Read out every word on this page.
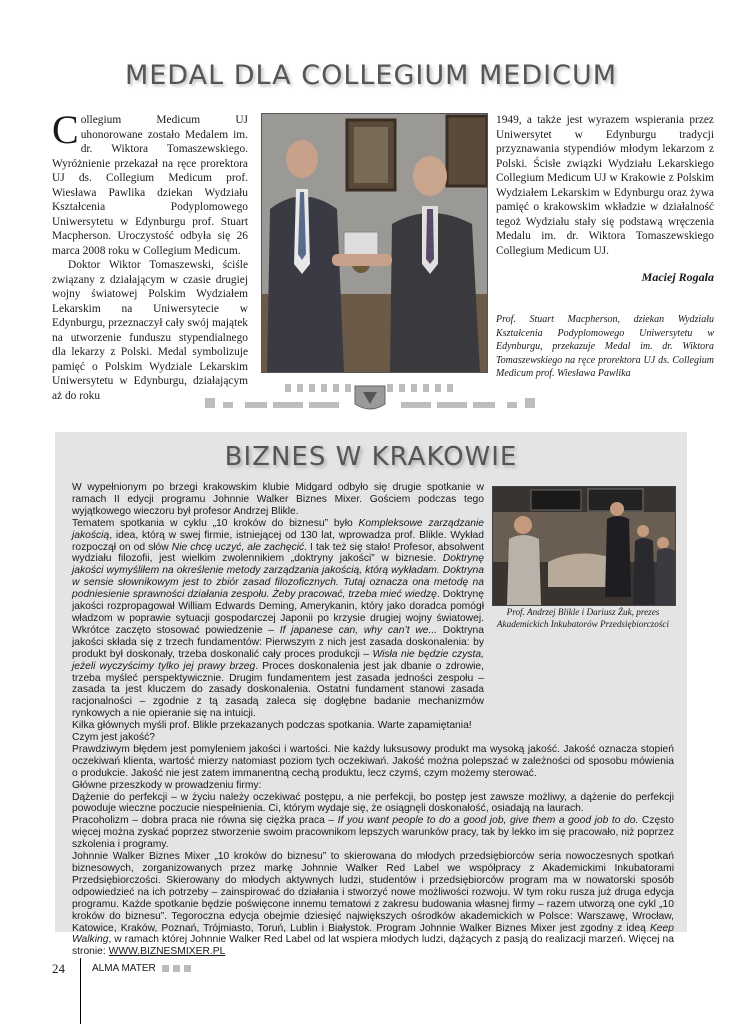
MEDAL DLA COLLEGIUM MEDICUM

Collegium Medicum UJ uhonorowane zostało Medalem im. dr. Wiktora Tomaszewskiego. Wyróżnienie przekazał na ręce prorektora UJ ds. Collegium Medicum prof. Wiesława Pawlika dziekan Wydziału Kształcenia Podyplomowego Uniwersytetu w Edynburgu prof. Stuart Macpherson. Uroczystość odbyła się 26 marca 2008 roku w Collegium Medicum.

Doktor Wiktor Tomaszewski, ściśle związany z działającym w czasie drugiej wojny światowej Polskim Wydziałem Lekarskim na Uniwersytecie w Edynburgu, przeznaczył cały swój majątek na utworzenie funduszu stypendialnego dla lekarzy z Polski. Medal symbolizuje pamięć o Polskim Wydziale Lekarskim Uniwersytetu w Edynburgu, działającym aż do roku

1949, a także jest wyrazem wspierania przez Uniwersytet w Edynburgu tradycji przyznawania stypendiów młodym lekarzom z Polski. Ścisłe związki Wydziału Lekarskiego Collegium Medicum UJ w Krakowie z Polskim Wydziałem Lekarskim w Edynburgu oraz żywa pamięć o krakowskim wkładzie w działalność tegoż Wydziału stały się podstawą wręczenia Medalu im. dr. Wiktora Tomaszewskiego Collegium Medicum UJ.

Maciej Rogala
Prof. Stuart Macpherson, dziekan Wydziału Kształcenia Podyplomowego Uniwersytetu w Edynburgu, przekazuje Medal im. dr. Wiktora Tomaszewskiego na ręce prorektora UJ ds. Collegium Medicum prof. Wiesława Pawlika
BIZNES W KRAKOWIE
Prof. Andrzej Blikle i Dariusz Żuk, prezes Akademickich Inkubatorów Przedsiębiorczości

W wypełnionym po brzegi krakowskim klubie Midgard odbyło się drugie spotkanie w ramach II edycji programu Johnnie Walker Biznes Mixer. Gościem podczas tego wyjątkowego wieczoru był profesor Andrzej Blikle.

Tematem spotkania w cyklu „10 kroków do biznesu” było Kompleksowe zarządzanie jakością, idea, którą w swej firmie, istniejącej od 130 lat, wprowadza prof. Blikle. Wykład rozpoczął on od słów Nie chcę uczyć, ale zachęcić. I tak też się stało! Profesor, absolwent wydziału filozofii, jest wielkim zwolennikiem „doktryny jakości” w biznesie. Doktrynę jakości wymyśliłem na określenie metody zarządzania jakością, którą wykładam. Doktryna w sensie słownikowym jest to zbiór zasad filozoficznych. Tutaj oznacza ona metodę na podniesienie sprawności działania zespołu. Żeby pracować, trzeba mieć wiedzę. Doktrynę jakości rozpropagował William Edwards Deming, Amerykanin, który jako doradca pomógł władzom w poprawie sytuacji gospodarczej Japonii po krzysie drugiej wojny światowej. Wkrótce zaczęto stosować powiedzenie – If japanese can, why can’t we... Doktryna jakości składa się z trzech fundamentów: Pierwszym z nich jest zasada doskonalenia: by produkt był doskonały, trzeba doskonalić cały proces produkcji – Wisła nie będzie czysta, jeżeli wyczyścimy tylko jej prawy brzeg. Proces doskonalenia jest jak dbanie o zdrowie, trzeba myśleć perspektywicznie. Drugim fundamentem jest zasada jedności zespołu – zasada ta jest kluczem do zasady doskonalenia. Ostatni fundament stanowi zasada racjonalności – zgodnie z tą zasadą zaleca się dogłębne badanie mechanizmów rynkowych a nie opieranie się na intuicji.

Kilka głównych myśli prof. Blikle przekazanych podczas spotkania. Warte zapamiętania!

Czym jest jakość?

Prawdziwym błędem jest pomyleniem jakości i wartości. Nie każdy luksusowy produkt ma wysoką jakość. Jakość oznacza stopień oczekiwań klienta, wartość mierzy natomiast poziom tych oczekiwań. Jakość można polepszać w zależności od sposobu mówienia o produkcie. Jakość nie jest zatem immanentną cechą produktu, lecz czymś, czym możemy sterować.

Główne przeszkody w prowadzeniu firmy:

Dążenie do perfekcji – w życiu należy oczekiwać postępu, a nie perfekcji, bo postęp jest zawsze możliwy, a dążenie do perfekcji powoduje wieczne poczucie niespełnienia. Ci, którym wydaje się, że osiągnęli doskonałość, osiadają na laurach.

Pracoholizm – dobra praca nie równa się ciężka praca – If you want people to do a good job, give them a good job to do. Często więcej można zyskać poprzez stworzenie swoim pracownikom lepszych warunków pracy, tak by lekko im się pracowało, niż poprzez szkolenia i programy.

Johnnie Walker Biznes Mixer „10 kroków do biznesu” to skierowana do młodych przedsiębiorców seria nowoczesnych spotkań biznesowych, zorganizowanych przez markę Johnnie Walker Red Label we współpracy z Akademickimi Inkubatorami Przedsiębiorczości. Skierowany do młodych aktywnych ludzi, studentów i przedsiębiorców program ma w nowatorski sposób odpowiedzieć na ich potrzeby – zainspirować do działania i stworzyć nowe możliwości rozwoju. W tym roku rusza już druga edycja programu. Każde spotkanie będzie poświęcone innemu tematowi z zakresu budowania własnej firmy – razem utworzą one cykl „10 kroków do biznesu”. Tegoroczna edycja obejmie dziesięć największych ośrodków akademickich w Polsce: Warszawę, Wrocław, Katowice, Kraków, Poznań, Trójmiasto, Toruń, Lublin i Białystok. Program Johnnie Walker Biznes Mixer jest zgodny z ideą Keep Walking, w ramach której Johnnie Walker Red Label od lat wspiera młodych ludzi, dążących z pasją do realizacji marzeń. Więcej na stronie: WWW.BIZNESMIXER.PL

24	ALMA MATER
